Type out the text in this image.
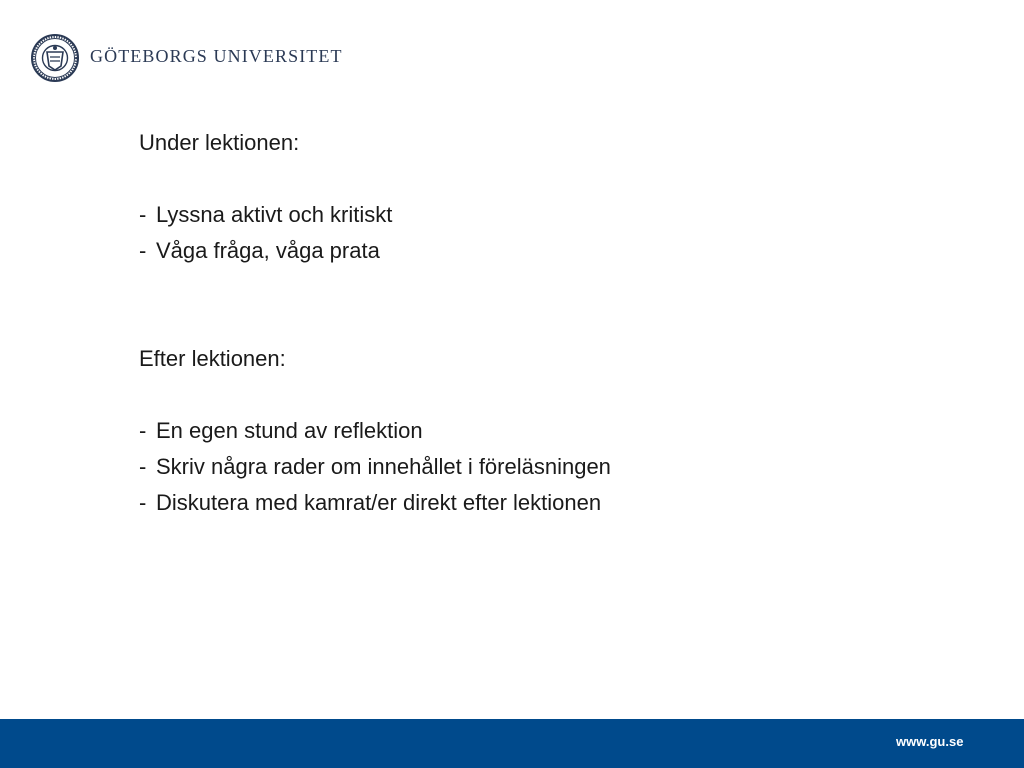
GÖTEBORGS UNIVERSITET
Under lektionen:
- Lyssna aktivt och kritiskt
- Våga fråga, våga prata
Efter lektionen:
- En egen stund av reflektion
- Skriv några rader om innehållet i föreläsningen
- Diskutera med kamrat/er direkt efter lektionen
www.gu.se
